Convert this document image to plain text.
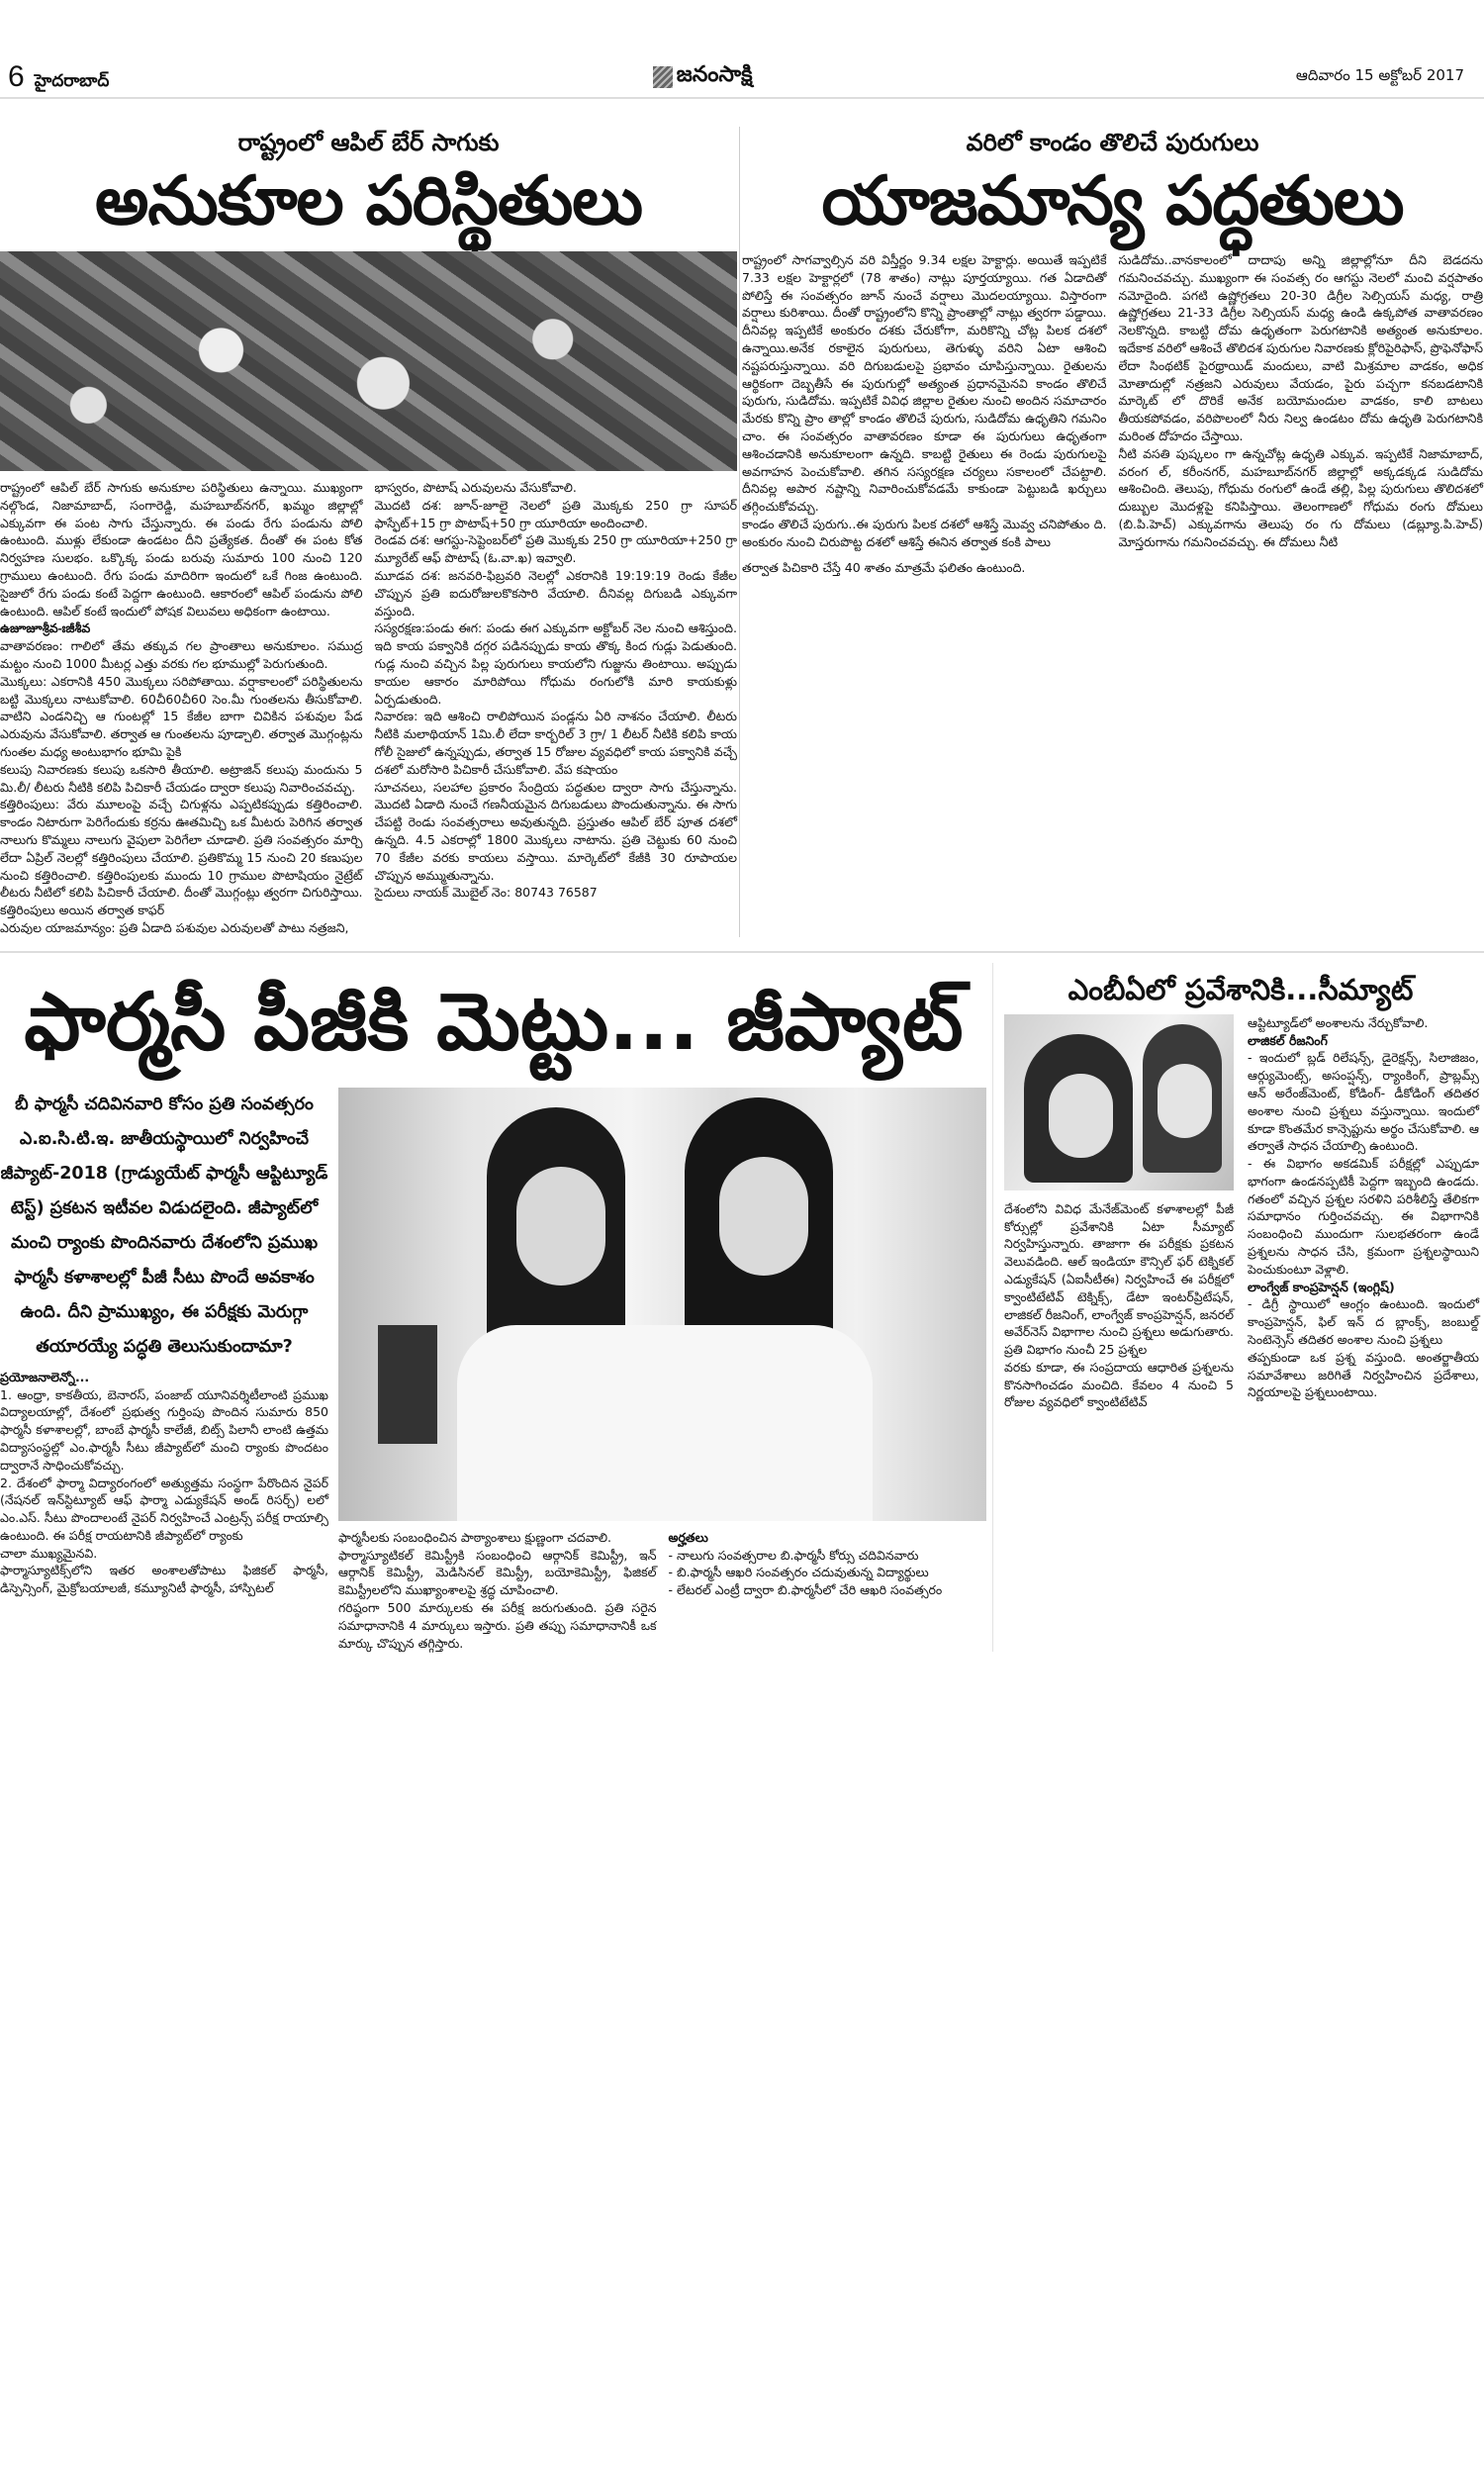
6 హైదరాబాద్	జనంసాక్షి	ఆదివారం 15 అక్టోబర్ 2017
రాష్ట్రంలో ఆపిల్ బేర్ సాగుకు
అనుకూల పరిస్థితులు

రాష్ట్రంలో ఆపిల్ బేర్ సాగుకు అనుకూల పరిస్థితులు ఉన్నాయి. ముఖ్యంగా నల్గొండ, నిజామాబాద్, సంగారెడ్డి, మహబూబ్‌నగర్, ఖమ్మం జిల్లాల్లో ఎక్కువగా ఈ పంట సాగు చేస్తున్నారు. ఈ పండు రేగు పండును పోలి ఉంటుంది. ముళ్లు లేకుండా ఉండటం దీని ప్రత్యేకత. దీంతో ఈ పంట కోత నిర్వహణ సులభం. ఒక్కొక్క పండు బరువు సుమారు 100 నుంచి 120 గ్రాములు ఉంటుంది. రేగు పండు మాదిరిగా ఇందులో ఒకే గింజ ఉంటుంది. సైజులో రేగు పండు కంటే పెద్దగా ఉంటుంది. ఆకారంలో ఆపిల్ పండును పోలి ఉంటుంది. ఆపిల్ కంటే ఇందులో పోషక విలువలు అధికంగా ఉంటాయి.

ఉజూజూశ్రీవ-ఃజీశీవ

వాతావరణం: గాలిలో తేమ తక్కువ గల ప్రాంతాలు అనుకూలం. సముద్ర మట్టం నుంచి 1000 మీటర్ల ఎత్తు వరకు గల భూముల్లో పెరుగుతుంది.

మొక్కలు: ఎకరానికి 450 మొక్కలు సరిపోతాయి. వర్షాకాలంలో పరిస్థితులను బట్టి మొక్కలు నాటుకోవాలి. 60చీ60చీ60 సెం.మీ గుంతలను తీసుకోవాలి. వాటిని ఎండనిచ్చి ఆ గుంటల్లో 15 కేజీల బాగా చివికిన పశువుల పేడ ఎరువును వేసుకోవాలి. తర్వాత ఆ గుంతలను పూడ్చాలి. తర్వాత మొగ్గంట్లను గుంతల మధ్య అంటుభాగం భూమి పైకి

కలుపు నివారణకు కలుపు ఒకసారి తీయాలి. అట్రాజిన్ కలుపు మందును 5 మి.లీ/ లీటరు నీటికి కలిపి పిచికారీ చేయడం ద్వారా కలుపు నివారించవచ్చు.

కత్తిరింపులు: వేరు మూలంపై వచ్చే చిగుళ్లను ఎప్పటికప్పుడు కత్తిరించాలి. కాండం నిటారుగా పెరిగేందుకు కర్రను ఊతమిచ్చి ఒక మీటరు పెరిగిన తర్వాత నాలుగు కొమ్మలు నాలుగు వైపులా పెరిగేలా చూడాలి. ప్రతి సంవత్సరం మార్చి లేదా ఏప్రిల్ నెలల్లో కత్తిరింపులు చేయాలి. ప్రతికొమ్మ 15 నుంచి 20 కణుపుల నుంచి కత్తిరించాలి. కత్తిరింపులకు ముందు 10 గ్రాముల పొటాషియం నైట్రేట్ లీటరు నీటిలో కలిపి పిచికారీ చేయాలి. దీంతో మొగ్గంట్లు త్వరగా చిగురిస్తాయి. కత్తిరింపులు అయిన తర్వాత కాఫర్

ఎరువుల యాజమాన్యం: ప్రతి ఏడాది పశువుల ఎరువులతో పాటు నత్రజని,

భాస్వరం, పొటాష్ ఎరువులను వేసుకోవాలి.

మొదటి దశ: జూన్-జూలై నెలలో ప్రతి మొక్కకు 250 గ్రా సూపర్ ఫాస్ఫేట్+15 గ్రా పొటాష్+50 గ్రా యూరియా అందించాలి.

రెండవ దశ: ఆగస్టు-సెప్టెంబర్‌లో ప్రతి మొక్కకు 250 గ్రా యూరియా+250 గ్రా మ్యూరేట్ ఆఫ్ పొటాష్ (ఓ.వా.ఖ) ఇవ్వాలి.

మూడవ దశ: జనవరి-ఫిబ్రవరి నెలల్లో ఎకరానికి 19:19:19 రెండు కేజీల చొప్పున ప్రతి ఐదురోజులకొకసారి వేయాలి. దీనివల్ల దిగుబడి ఎక్కువగా వస్తుంది.

సస్యరక్షణ:పండు ఈగ: పండు ఈగ ఎక్కువగా అక్టోబర్ నెల నుంచి ఆశిస్తుంది. ఇది కాయ పక్వానికి దగ్గర పడినప్పుడు కాయ తొక్క కింద గుడ్లు పెడుతుంది. గుడ్ల నుంచి వచ్చిన పిల్ల పురుగులు కాయలోని గుజ్జును తింటాయి. అప్పుడు కాయల ఆకారం మారిపోయి గోధుమ రంగులోకి మారి కాయకుళ్లు ఏర్పడుతుంది.

నివారణ: ఇది ఆశించి రాలిపోయిన పండ్లను ఏరి నాశనం చేయాలి. లీటరు నీటికి మలాథియాన్ 1మి.లీ లేదా కార్బరిల్ 3 గ్రా/ 1 లీటర్ నీటికి కలిపి కాయ గోలీ సైజులో ఉన్నప్పుడు, తర్వాత 15 రోజుల వ్యవధిలో కాయ పక్వానికి వచ్చే దశలో మరోసారి పిచికారీ చేసుకోవాలి. వేప కషాయం

సూచనలు, సలహాల ప్రకారం సేంద్రియ పద్ధతుల ద్వారా సాగు చేస్తున్నాను. మొదటి ఏడాది నుంచే గణనీయమైన దిగుబడులు పొందుతున్నాను. ఈ సాగు చేపట్టి రెండు సంవత్సరాలు అవుతున్నది. ప్రస్తుతం ఆపిల్ బేర్ పూత దశలో ఉన్నది. 4.5 ఎకరాల్లో 1800 మొక్కలు నాటాను. ప్రతి చెట్టుకు 60 నుంచి 70 కేజీల వరకు కాయలు వస్తాయి. మార్కెట్‌లో కేజీకి 30 రూపాయల చొప్పున అమ్ముతున్నాను.

సైదులు నాయక్ మొబైల్ నెం: 80743 76587

వరిలో కాండం తొలిచే పురుగులు
యాజమాన్య పద్ధతులు

రాష్ట్రంలో సాగవ్వాల్సిన వరి విస్తీర్ణం 9.34 లక్షల హెక్టార్లు. అయితే ఇప్పటికే 7.33 లక్షల హెక్టార్లలో (78 శాతం) నాట్లు పూర్తయ్యాయి. గత ఏడాదితో పోలిస్తే ఈ సంవత్సరం జూన్ నుంచే వర్షాలు మొదలయ్యాయి. విస్తారంగా వర్షాలు కురిశాయి. దీంతో రాష్ట్రంలోని కొన్ని ప్రాంతాల్లో నాట్లు త్వరగా పడ్డాయి. దీనివల్ల ఇప్పటికే అంకురం దశకు చేరుకోగా, మరికొన్ని చోట్ల పిలక దశలో ఉన్నాయి.అనేక రకాలైన పురుగులు, తెగుళ్ళు వరిని ఏటా ఆశించి నష్టపరుస్తున్నాయి. వరి దిగుబడులపై ప్రభావం చూపిస్తున్నాయి. రైతులను ఆర్థికంగా దెబ్బతీసే ఈ పురుగుల్లో అత్యంత ప్రధానమైనవి కాండం తొలిచే పురుగు, సుడిదోమ. ఇప్పటికే వివిధ జిల్లాల రైతుల నుంచి అందిన సమాచారం మేరకు కొన్ని ప్రాం తాల్లో కాండం తొలిచే పురుగు, సుడిదోమ ఉధృతిని గమనిం చాం. ఈ సంవత్సరం వాతావరణం కూడా ఈ పురుగులు ఉధృతంగా ఆశించడానికి అనుకూలంగా ఉన్నది. కాబట్టి రైతులు ఈ రెండు పురుగులపై అవగాహన పెంచుకోవాలి. తగిన సస్యరక్షణ చర్యలు సకాలంలో చేపట్టాలి. దీనివల్ల అపార నష్టాన్ని నివారించుకోవడమే కాకుండా పెట్టుబడి ఖర్చులు తగ్గించుకోవచ్చు.

కాండం తొలిచే పురుగు..ఈ పురుగు పిలక దశలో ఆశిస్తే మొవ్వ చనిపోతుం ది. అంకురం నుంచి చిరుపొట్ట దశలో ఆశిస్తే ఈనిన తర్వాత కంకి పాలు

తర్వాత పిచికారి చేస్తే 40 శాతం మాత్రమే ఫలితం ఉంటుంది.

సుడిదోమ..వానకాలంలో దాదాపు అన్ని జిల్లాల్లోనూ దీని బెడదను గమనించవచ్చు. ముఖ్యంగా ఈ సంవత్స రం ఆగస్టు నెలలో మంచి వర్షపాతం నమోదైంది. పగటి ఉష్ణోగ్రతలు 20-30 డిగ్రీల సెల్సియస్ మధ్య, రాత్రి ఉష్ణోగ్రతలు 21-33 డిగ్రీల సెల్సియస్ మధ్య ఉండి ఉక్కపోత వాతావరణం నెలకొన్నది. కాబట్టి దోమ ఉధృతంగా పెరుగటానికి అత్యంత అనుకూలం. ఇదేకాక వరిలో ఆశించే తొలిదశ పురుగుల నివారణకు క్లోరిపైరిఫాస్, ప్రొఫెనోఫాస్ లేదా సింథటిక్ పైరథ్రాయిడ్ మందులు, వాటి మిశ్రమాల వాడకం, అధిక మోతాదుల్లో నత్రజని ఎరువులు వేయడం, పైరు పచ్చగా కనబడటానికి మార్కెట్ లో దొరికే అనేక బయోమందుల వాడకం, కాలి బాటలు తీయకపోవడం, వరిపొలంలో నీరు నిల్వ ఉండటం దోమ ఉధృతి పెరుగటానికి మరింత దోహదం చేస్తాయి.

నీటి వసతి పుష్కలం గా ఉన్నచోట్ల ఉధృతి ఎక్కువ. ఇప్పటికే నిజామాబాద్, వరంగ ల్, కరీంనగర్, మహబూబ్‌నగర్ జిల్లాల్లో అక్కడక్కడ సుడిదోమ ఆశించింది. తెలుపు, గోధుమ రంగులో ఉండే తల్లి, పిల్ల పురుగులు తొలిదశలో దుబ్బుల మొదళ్లపై కనిపిస్తాయి. తెలంగాణలో గోధుమ రంగు దోమలు (బి.పి.హెచ్) ఎక్కువగాను తెలుపు రం గు దోమలు (డబ్ల్యూ.పి.హెచ్) మోస్తరుగాను గమనించవచ్చు. ఈ దోమలు నీటి

ఫార్మసీ పీజీకి మెట్టు... జీప్యాట్
బీ ఫార్మసీ చదివినవారి కోసం ప్రతి సంవత్సరం ఎ.ఐ.సి.టి.ఇ. జాతీయస్థాయిలో నిర్వహించే జీప్యాట్-2018 (గ్రాడ్యుయేట్ ఫార్మసీ ఆప్టిట్యూడ్ టెస్ట్) ప్రకటన ఇటీవల విడుదలైంది. జీప్యాట్‌లో మంచి ర్యాంకు పొందినవారు దేశంలోని ప్రముఖ ఫార్మసీ కళాశాలల్లో పీజీ సీటు పొందే అవకాశం ఉంది. దీని ప్రాముఖ్యం, ఈ పరీక్షకు మెరుగ్గా తయారయ్యే పద్ధతి తెలుసుకుందామా?

ప్రయోజనాలెన్నో...

1. ఆంధ్రా, కాకతీయ, బెనారస్, పంజాబ్ యూనివర్శిటీలాంటి ప్రముఖ విద్యాలయాల్లో, దేశంలో ప్రభుత్వ గుర్తింపు పొందిన సుమారు 850 ఫార్మసీ కళాశాలల్లో, బాంబే ఫార్మసీ కాలేజీ, బిట్స్ పిలానీ లాంటి ఉత్తమ విద్యాసంస్థల్లో ఎం.ఫార్మసీ సీటు జీప్యాట్‌లో మంచి ర్యాంకు పొందటం ద్వారానే సాధించుకోవచ్చు.

2. దేశంలో ఫార్మా విద్యారంగంలో అత్యుత్తమ సంస్థగా పేరొందిన నైపర్ (నేషనల్ ఇన్‌స్టిట్యూట్ ఆఫ్ ఫార్మా ఎడ్యుకేషన్ అండ్ రిసర్చ్) లలో ఎం.ఎస్. సీటు పొందాలంటే నైపర్ నిర్వహించే ఎంట్రన్స్ పరీక్ష రాయాల్సి ఉంటుంది. ఈ పరీక్ష రాయటానికి జీప్యాట్‌లో ర్యాంకు

చాలా ముఖ్యమైనవి.

ఫార్మాస్యూటిక్స్‌లోని ఇతర అంశాలతోపాటు ఫిజికల్ ఫార్మసీ, డిస్పెన్సింగ్, మైక్రోబయాలజీ, కమ్యూనిటీ ఫార్మసీ, హాస్పిటల్

ఫార్మసీలకు సంబంధించిన పాఠ్యాంశాలు క్షుణ్ణంగా చదవాలి.

ఫార్మాస్యూటికల్ కెమిస్ట్రీకి సంబంధించి ఆర్గానిక్ కెమిస్ట్రీ, ఇన్ ఆర్గానిక్ కెమిస్ట్రీ, మెడిసినల్ కెమిస్ట్రీ, బయోకెమిస్ట్రీ, ఫిజికల్ కెమిస్ట్రీలలోని ముఖ్యాంశాలపై శ్రద్ధ చూపించాలి.

గరిష్ఠంగా 500 మార్కులకు ఈ పరీక్ష జరుగుతుంది. ప్రతి సరైన సమాధానానికి 4 మార్కులు ఇస్తారు. ప్రతి తప్పు సమాధానానికీ ఒక మార్కు చొప్పున తగ్గిస్తారు.

అర్హతలు

- నాలుగు సంవత్సరాల బి.ఫార్మసీ కోర్సు చదివినవారు

- బి.ఫార్మసీ ఆఖరి సంవత్సరం చదువుతున్న విద్యార్థులు

- లేటరల్ ఎంట్రీ ద్వారా బి.ఫార్మసీలో చేరి ఆఖరి సంవత్సరం

ఎంబీఏలో ప్రవేశానికి...సీమ్యాట్

దేశంలోని వివిధ మేనేజ్‌మెంట్ కళాశాలల్లో పీజీ కోర్సుల్లో ప్రవేశానికి ఏటా సీమ్యాట్ నిర్వహిస్తున్నారు. తాజాగా ఈ పరీక్షకు ప్రకటన వెలువడింది. ఆల్ ఇండియా కౌన్సిల్ ఫర్ టెక్నికల్ ఎడ్యుకేషన్ (ఏఐసీటీఈ) నిర్వహించే ఈ పరీక్షలో క్వాంటిటేటివ్ టెక్నిక్స్, డేటా ఇంటర్‌ప్రిటేషన్, లాజికల్ రీజనింగ్, లాంగ్వేజ్ కాంప్రహెన్షన్, జనరల్ అవేర్‌నెస్ విభాగాల నుంచి ప్రశ్నలు అడుగుతారు. ప్రతి విభాగం నుంచీ 25 ప్రశ్నల

వరకు కూడా, ఈ సంప్రదాయ ఆధారిత ప్రశ్నలను కొనసాగించడం మంచిది. కేవలం 4 నుంచి 5 రోజుల వ్యవధిలో క్వాంటిటేటివ్

ఆప్టిట్యూడ్‌లో అంశాలను నేర్చుకోవాలి.

లాజికల్ రీజనింగ్

- ఇందులో బ్లడ్ రిలేషన్స్, డైరెక్షన్స్, సిలాజిజం, ఆర్గ్యుమెంట్స్, అసంప్షన్స్, ర్యాంకింగ్, ప్రాబ్లమ్స్ ఆన్ అరేంజ్‌మెంట్, కోడింగ్- డీకోడింగ్ తదితర అంశాల నుంచి ప్రశ్నలు వస్తున్నాయి. ఇందులో కూడా కొంతమేర కాన్సెప్టును అర్థం చేసుకోవాలి. ఆ తర్వాతే సాధన చేయాల్సి ఉంటుంది.

- ఈ విభాగం అకడమిక్ పరీక్షల్లో ఎప్పుడూ భాగంగా ఉండనప్పటికీ పెద్దగా ఇబ్బంది ఉండదు. గతంలో వచ్చిన ప్రశ్నల సరళిని పరిశీలిస్తే తేలికగా సమాధానం గుర్తించవచ్చు. ఈ విభాగానికి సంబంధించి ముందుగా సులభతరంగా ఉండే ప్రశ్నలను సాధన చేసి, క్రమంగా ప్రశ్నలస్థాయిని పెంచుకుంటూ వెళ్లాలి.

లాంగ్వేజ్ కాంప్రహెన్షన్ (ఇంగ్లిష్)

- డిగ్రీ స్థాయిలో ఆంగ్లం ఉంటుంది. ఇందులో కాంప్రహెన్షన్, ఫిల్ ఇన్ ద బ్లాంక్స్, జంబుల్డ్ సెంటెన్సెస్ తదితర అంశాల నుంచి ప్రశ్నలు

తప్పకుండా ఒక ప్రశ్న వస్తుంది. అంతర్జాతీయ సమావేశాలు జరిగితే నిర్వహించిన ప్రదేశాలు, నిర్ణయాలపై ప్రశ్నలుంటాయి.
